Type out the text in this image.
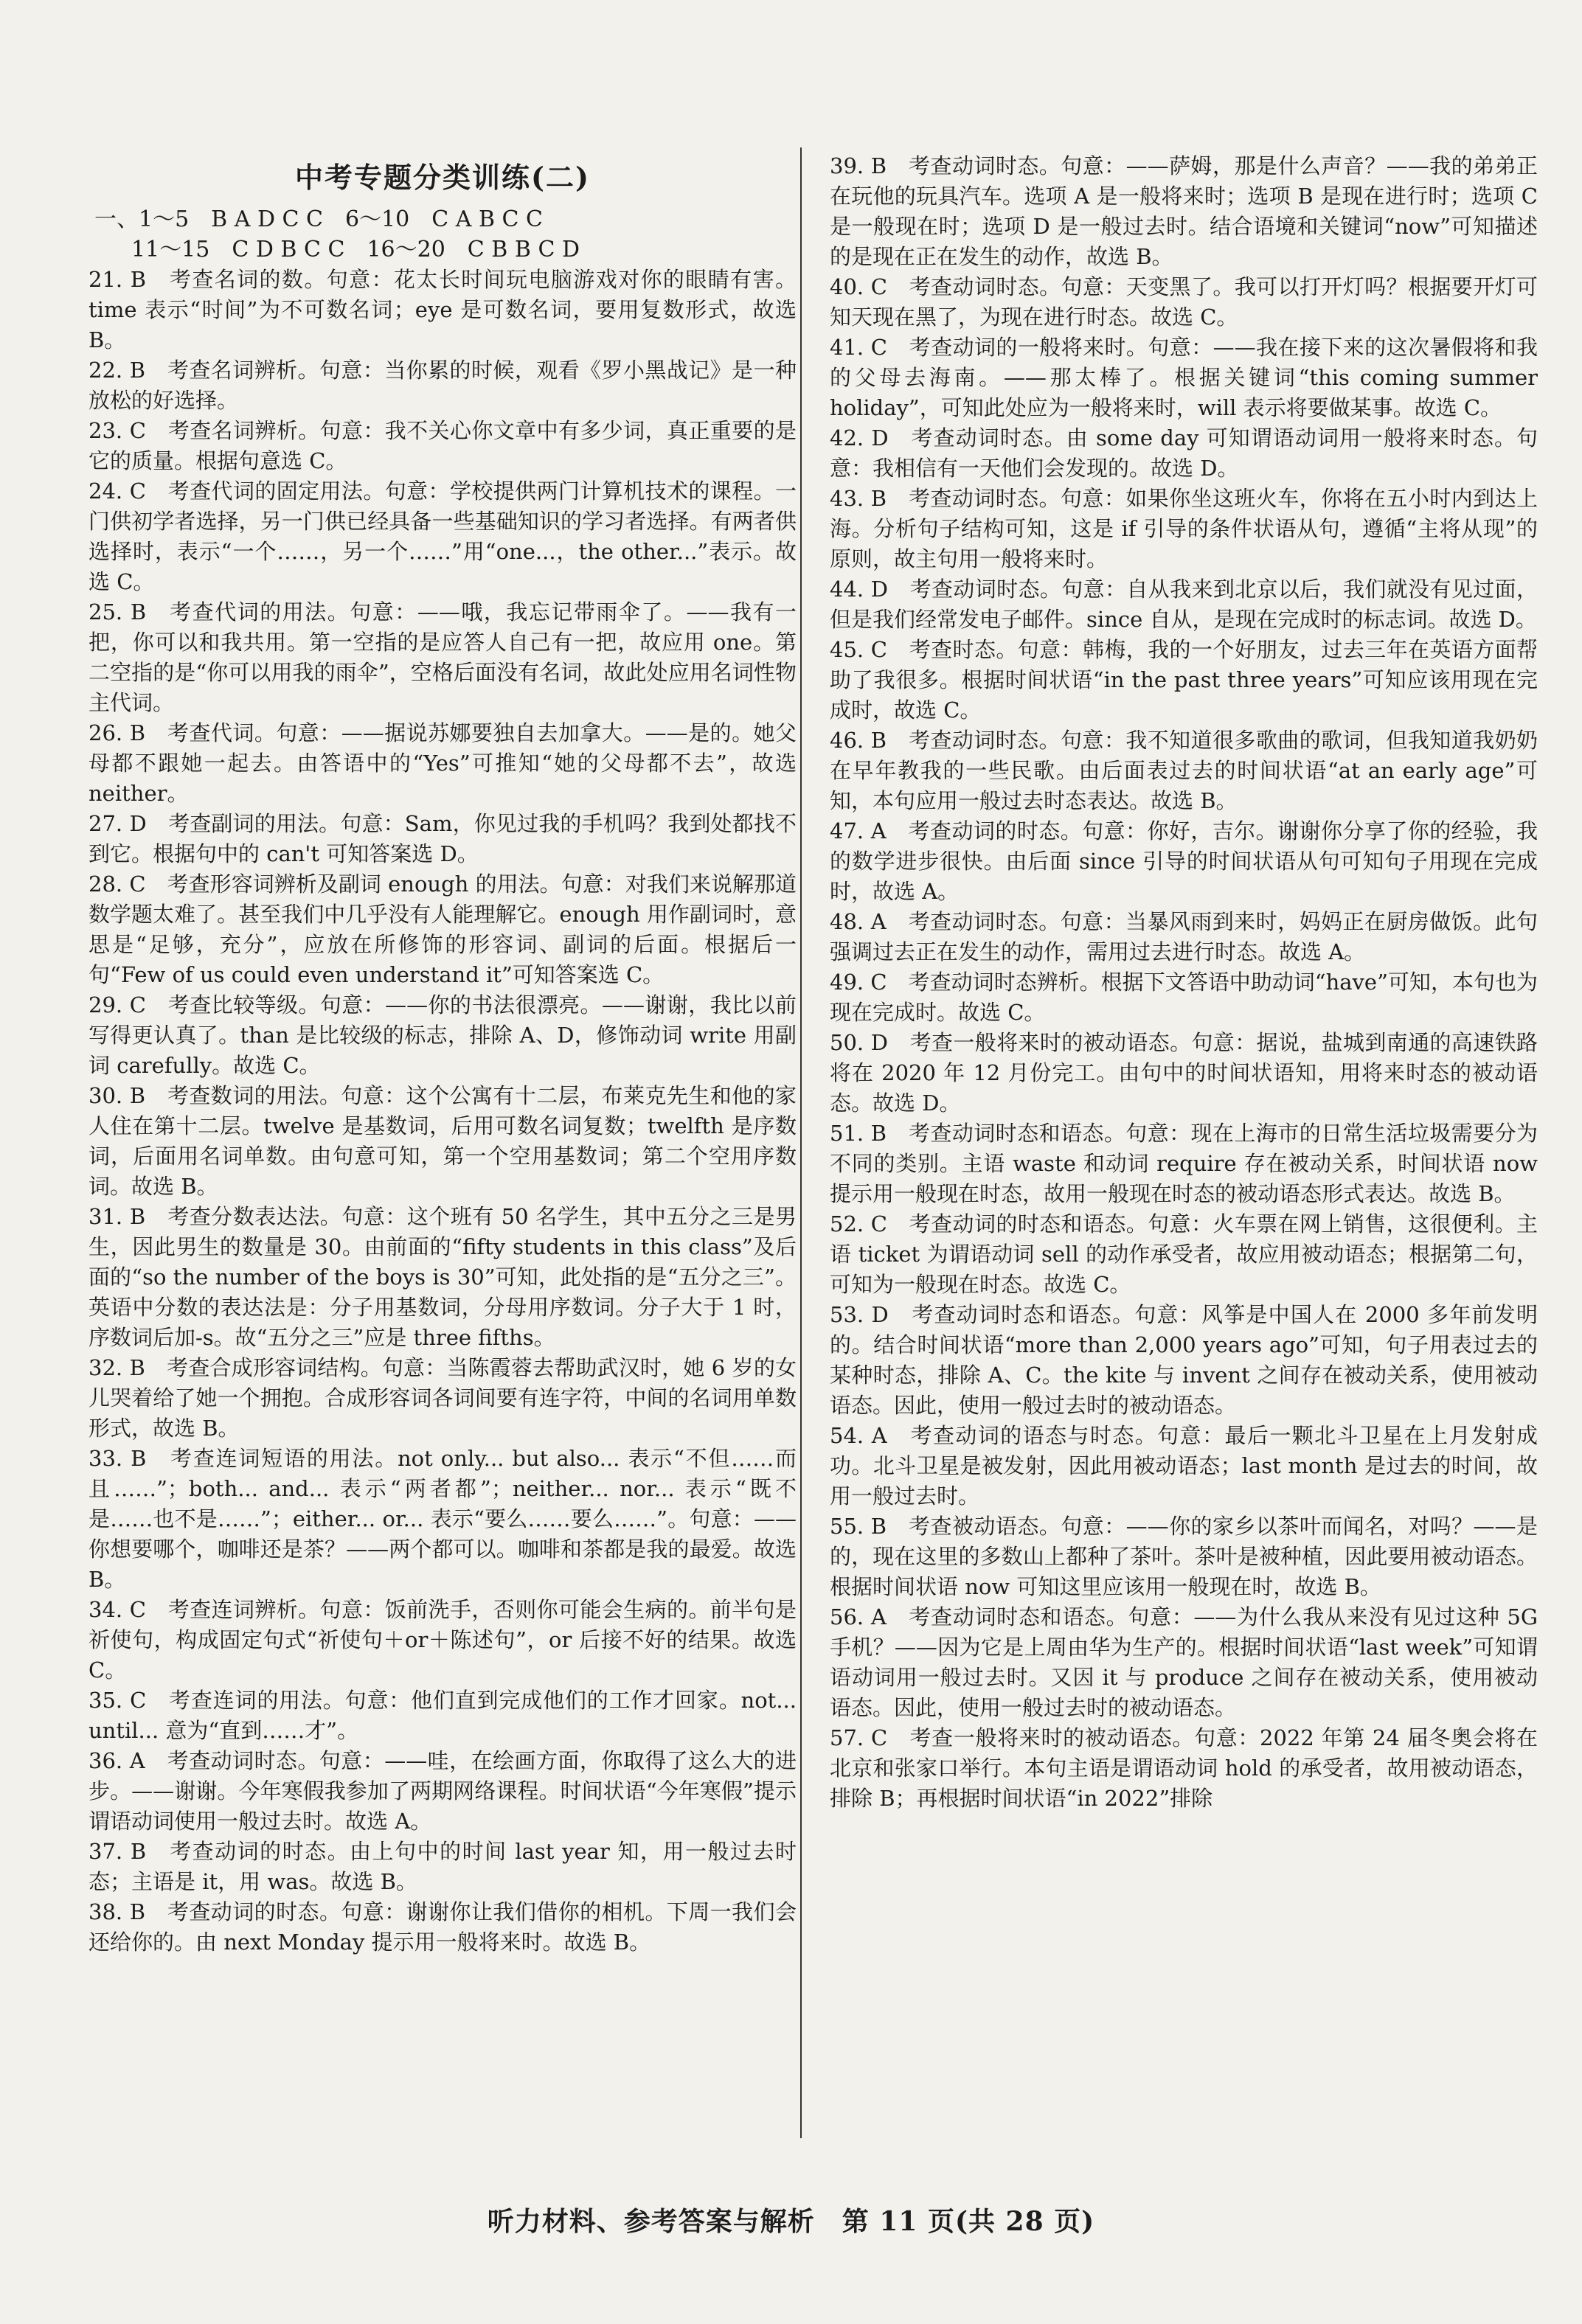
中考专题分类训练(二)
一、1～5　B A D C C　6～10　C A B C C
11～15　C D B C C　16～20　C B B C D

21. B　考查名词的数。句意：花太长时间玩电脑游戏对你的眼睛有害。time 表示“时间”为不可数名词；eye 是可数名词，要用复数形式，故选 B。

22. B　考查名词辨析。句意：当你累的时候，观看《罗小黑战记》是一种放松的好选择。

23. C　考查名词辨析。句意：我不关心你文章中有多少词，真正重要的是它的质量。根据句意选 C。

24. C　考查代词的固定用法。句意：学校提供两门计算机技术的课程。一门供初学者选择，另一门供已经具备一些基础知识的学习者选择。有两者供选择时，表示“一个……，另一个……”用“one...，the other...”表示。故选 C。

25. B　考查代词的用法。句意：——哦，我忘记带雨伞了。——我有一把，你可以和我共用。第一空指的是应答人自己有一把，故应用 one。第二空指的是“你可以用我的雨伞”，空格后面没有名词，故此处应用名词性物主代词。

26. B　考查代词。句意：——据说苏娜要独自去加拿大。——是的。她父母都不跟她一起去。由答语中的“Yes”可推知“她的父母都不去”，故选 neither。

27. D　考查副词的用法。句意：Sam，你见过我的手机吗？我到处都找不到它。根据句中的 can't 可知答案选 D。

28. C　考查形容词辨析及副词 enough 的用法。句意：对我们来说解那道数学题太难了。甚至我们中几乎没有人能理解它。enough 用作副词时，意思是“足够，充分”，应放在所修饰的形容词、副词的后面。根据后一句“Few of us could even understand it”可知答案选 C。

29. C　考查比较等级。句意：——你的书法很漂亮。——谢谢，我比以前写得更认真了。than 是比较级的标志，排除 A、D，修饰动词 write 用副词 carefully。故选 C。

30. B　考查数词的用法。句意：这个公寓有十二层，布莱克先生和他的家人住在第十二层。twelve 是基数词，后用可数名词复数；twelfth 是序数词，后面用名词单数。由句意可知，第一个空用基数词；第二个空用序数词。故选 B。

31. B　考查分数表达法。句意：这个班有 50 名学生，其中五分之三是男生，因此男生的数量是 30。由前面的“fifty students in this class”及后面的“so the number of the boys is 30”可知，此处指的是“五分之三”。英语中分数的表达法是：分子用基数词，分母用序数词。分子大于 1 时，序数词后加-s。故“五分之三”应是 three fifths。

32. B　考查合成形容词结构。句意：当陈霞蓉去帮助武汉时，她 6 岁的女儿哭着给了她一个拥抱。合成形容词各词间要有连字符，中间的名词用单数形式，故选 B。

33. B　考查连词短语的用法。not only... but also... 表示“不但……而且……”；both... and... 表示“两者都”；neither... nor... 表示“既不是……也不是……”；either... or... 表示“要么……要么……”。句意：——你想要哪个，咖啡还是茶？——两个都可以。咖啡和茶都是我的最爱。故选 B。

34. C　考查连词辨析。句意：饭前洗手，否则你可能会生病的。前半句是祈使句，构成固定句式“祈使句＋or＋陈述句”，or 后接不好的结果。故选 C。

35. C　考查连词的用法。句意：他们直到完成他们的工作才回家。not... until... 意为“直到……才”。

36. A　考查动词时态。句意：——哇，在绘画方面，你取得了这么大的进步。——谢谢。今年寒假我参加了两期网络课程。时间状语“今年寒假”提示谓语动词使用一般过去时。故选 A。

37. B　考查动词的时态。由上句中的时间 last year 知，用一般过去时态；主语是 it，用 was。故选 B。

38. B　考查动词的时态。句意：谢谢你让我们借你的相机。下周一我们会还给你的。由 next Monday 提示用一般将来时。故选 B。

39. B　考查动词时态。句意：——萨姆，那是什么声音？——我的弟弟正在玩他的玩具汽车。选项 A 是一般将来时；选项 B 是现在进行时；选项 C 是一般现在时；选项 D 是一般过去时。结合语境和关键词“now”可知描述的是现在正在发生的动作，故选 B。

40. C　考查动词时态。句意：天变黑了。我可以打开灯吗？根据要开灯可知天现在黑了，为现在进行时态。故选 C。

41. C　考查动词的一般将来时。句意：——我在接下来的这次暑假将和我的父母去海南。——那太棒了。根据关键词“this coming summer holiday”，可知此处应为一般将来时，will 表示将要做某事。故选 C。

42. D　考查动词时态。由 some day 可知谓语动词用一般将来时态。句意：我相信有一天他们会发现的。故选 D。

43. B　考查动词时态。句意：如果你坐这班火车，你将在五小时内到达上海。分析句子结构可知，这是 if 引导的条件状语从句，遵循“主将从现”的原则，故主句用一般将来时。

44. D　考查动词时态。句意：自从我来到北京以后，我们就没有见过面，但是我们经常发电子邮件。since 自从，是现在完成时的标志词。故选 D。

45. C　考查时态。句意：韩梅，我的一个好朋友，过去三年在英语方面帮助了我很多。根据时间状语“in the past three years”可知应该用现在完成时，故选 C。

46. B　考查动词时态。句意：我不知道很多歌曲的歌词，但我知道我奶奶在早年教我的一些民歌。由后面表过去的时间状语“at an early age”可知，本句应用一般过去时态表达。故选 B。

47. A　考查动词的时态。句意：你好，吉尔。谢谢你分享了你的经验，我的数学进步很快。由后面 since 引导的时间状语从句可知句子用现在完成时，故选 A。

48. A　考查动词时态。句意：当暴风雨到来时，妈妈正在厨房做饭。此句强调过去正在发生的动作，需用过去进行时态。故选 A。

49. C　考查动词时态辨析。根据下文答语中助动词“have”可知，本句也为现在完成时。故选 C。

50. D　考查一般将来时的被动语态。句意：据说，盐城到南通的高速铁路将在 2020 年 12 月份完工。由句中的时间状语知，用将来时态的被动语态。故选 D。

51. B　考查动词时态和语态。句意：现在上海市的日常生活垃圾需要分为不同的类别。主语 waste 和动词 require 存在被动关系，时间状语 now 提示用一般现在时态，故用一般现在时态的被动语态形式表达。故选 B。

52. C　考查动词的时态和语态。句意：火车票在网上销售，这很便利。主语 ticket 为谓语动词 sell 的动作承受者，故应用被动语态；根据第二句，可知为一般现在时态。故选 C。

53. D　考查动词时态和语态。句意：风筝是中国人在 2000 多年前发明的。结合时间状语“more than 2,000 years ago”可知，句子用表过去的某种时态，排除 A、C。the kite 与 invent 之间存在被动关系，使用被动语态。因此，使用一般过去时的被动语态。

54. A　考查动词的语态与时态。句意：最后一颗北斗卫星在上月发射成功。北斗卫星是被发射，因此用被动语态；last month 是过去的时间，故用一般过去时。

55. B　考查被动语态。句意：——你的家乡以茶叶而闻名，对吗？——是的，现在这里的多数山上都种了茶叶。茶叶是被种植，因此要用被动语态。根据时间状语 now 可知这里应该用一般现在时，故选 B。

56. A　考查动词时态和语态。句意：——为什么我从来没有见过这种 5G 手机？——因为它是上周由华为生产的。根据时间状语“last week”可知谓语动词用一般过去时。又因 it 与 produce 之间存在被动关系，使用被动语态。因此，使用一般过去时的被动语态。

57. C　考查一般将来时的被动语态。句意：2022 年第 24 届冬奥会将在北京和张家口举行。本句主语是谓语动词 hold 的承受者，故用被动语态，排除 B；再根据时间状语“in 2022”排除

听力材料、参考答案与解析　第 11 页(共 28 页)
